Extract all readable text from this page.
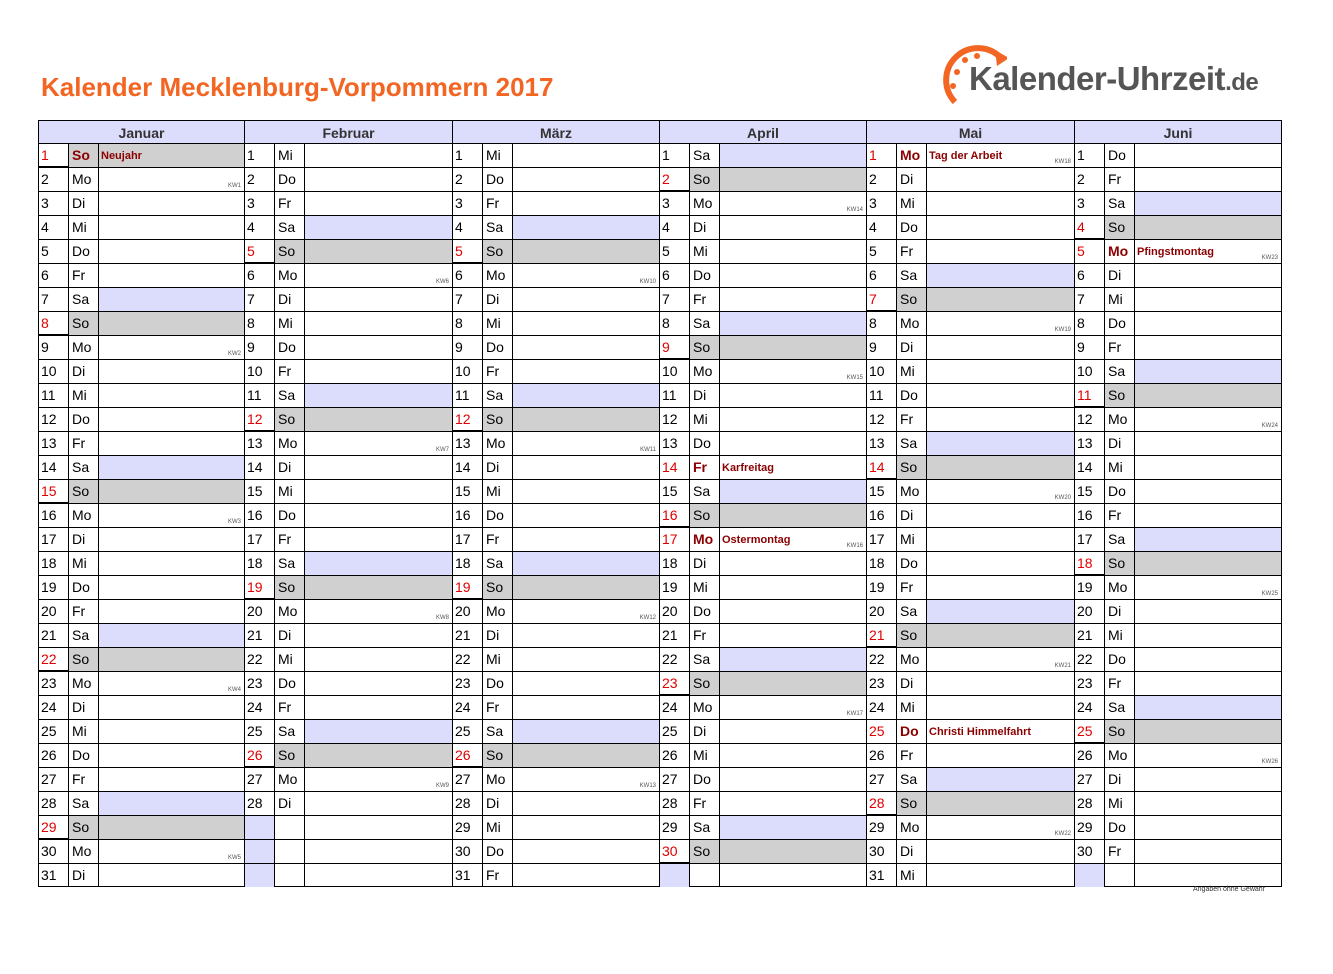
Kalender Mecklenburg-Vorpommern 2017	Kalender-Uhrzeit.de
Januar
1	So	Neujahr
2	Mo	KW1
3	Di
4	Mi
5	Do
6	Fr
7	Sa
8	So
9	Mo	KW2
10	Di
11	Mi
12	Do
13	Fr
14	Sa
15	So
16	Mo	KW3
17	Di
18	Mi
19	Do
20	Fr
21	Sa
22	So
23	Mo	KW4
24	Di
25	Mi
26	Do
27	Fr
28	Sa
29	So
30	Mo	KW5
31	Di
Februar
1	Mi
2	Do
3	Fr
4	Sa
5	So
6	Mo	KW6
7	Di
8	Mi
9	Do
10	Fr
11	Sa
12	So
13	Mo	KW7
14	Di
15	Mi
16	Do
17	Fr
18	Sa
19	So
20	Mo	KW8
21	Di
22	Mi
23	Do
24	Fr
25	Sa
26	So
27	Mo	KW9
28	Di
März
1	Mi
2	Do
3	Fr
4	Sa
5	So
6	Mo	KW10
7	Di
8	Mi
9	Do
10	Fr
11	Sa
12	So
13	Mo	KW11
14	Di
15	Mi
16	Do
17	Fr
18	Sa
19	So
20	Mo	KW12
21	Di
22	Mi
23	Do
24	Fr
25	Sa
26	So
27	Mo	KW13
28	Di
29	Mi
30	Do
31	Fr
April
1	Sa
2	So
3	Mo	KW14
4	Di
5	Mi
6	Do
7	Fr
8	Sa
9	So
10	Mo	KW15
11	Di
12	Mi
13	Do
14	Fr	Karfreitag
15	Sa
16	So
17	Mo Ostermontag	KW16
18	Di
19	Mi
20	Do
21	Fr
22	Sa
23	So
24	Mo	KW17
25	Di
26	Mi
27	Do
28	Fr
29	Sa
30	So
Mai
1	Mo Tag der Arbeit	KW18
2	Di
3	Mi
4	Do
5	Fr
6	Sa
7	So
8	Mo	KW19
9	Di
10	Mi
11	Do
12	Fr
13	Sa
14	So
15	Mo	KW20
16	Di
17	Mi
18	Do
19	Fr
20	Sa
21	So
22	Mo	KW21
23	Di
24	Mi
25	Do Christi Himmelfahrt
26	Fr
27	Sa
28	So
29	Mo	KW22
30	Di
31	Mi
Juni
1	Do
2	Fr
3	Sa
4	So
5	Mo Pfingstmontag	KW23
6	Di
7	Mi
8	Do
9	Fr
10	Sa
11	So
12	Mo	KW24
13	Di
14	Mi
15	Do
16	Fr
17	Sa
18	So
19	Mo	KW25
20	Di
21	Mi
22	Do
23	Fr
24	Sa
25	So
26	Mo	KW26
27	Di
28	Mi
29	Do
30	Fr
Angaben ohne Gewähr
